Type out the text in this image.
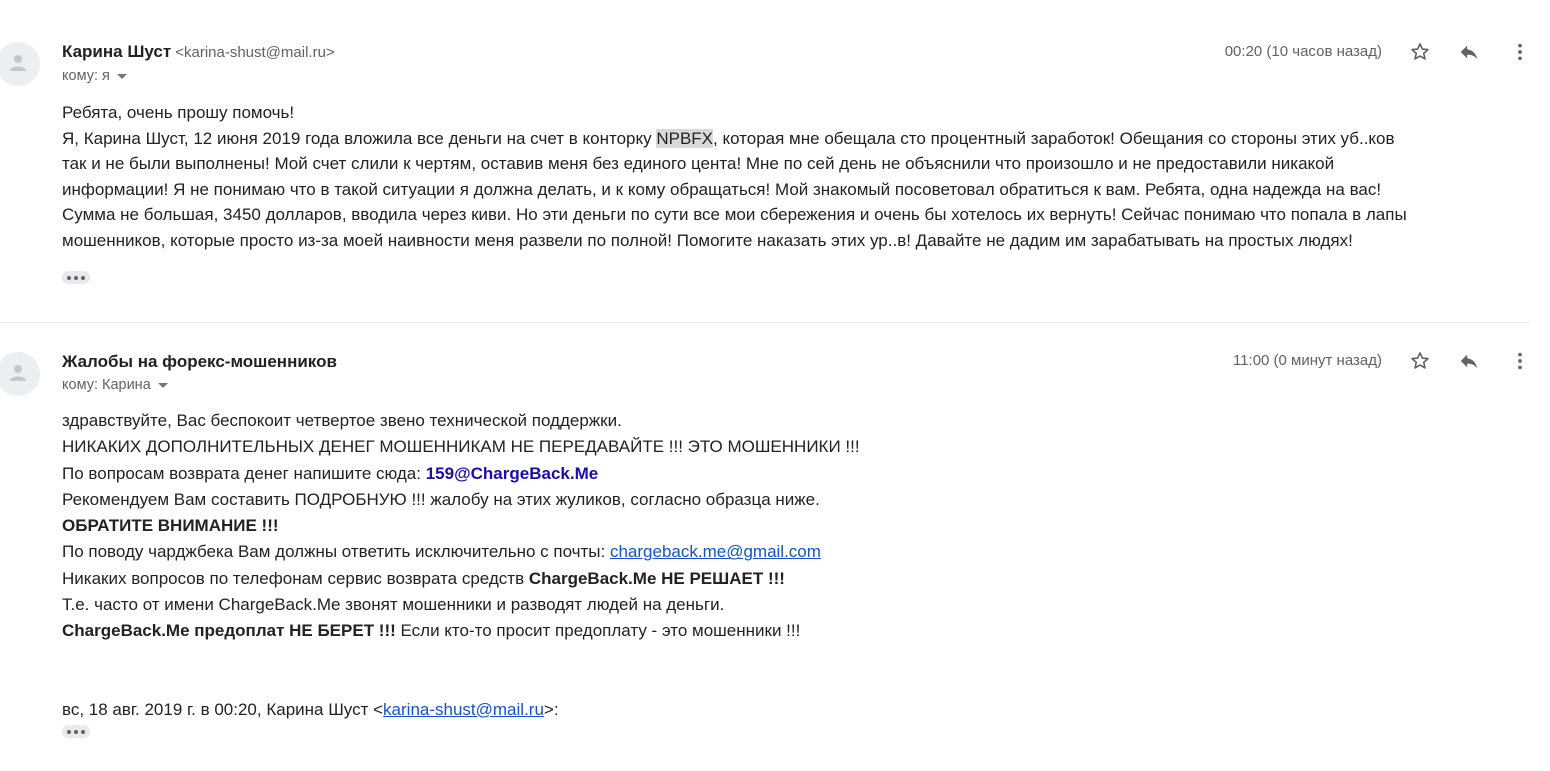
Карина Шуст <karina-shust@mail.ru>
кому: я
00:20 (10 часов назад)

Ребята, очень прошу помочь!

Я, Карина Шуст, 12 июня 2019 года вложила все деньги на счет в конторку NPBFX, которая мне обещала сто процентный заработок! Обещания со стороны этих уб..ков

так и не были выполнены! Мой счет слили к чертям, оставив меня без единого цента! Мне по сей день не объяснили что произошло и не предоставили никакой

информации! Я не понимаю что в такой ситуации я должна делать, и к кому обращаться! Мой знакомый посоветовал обратиться к вам. Ребята, одна надежда на вас!

Сумма не большая, 3450 долларов, вводила через киви. Но эти деньги по сути все мои сбережения и очень бы хотелось их вернуть! Сейчас понимаю что попала в лапы

мошенников, которые просто из-за моей наивности меня развели по полной! Помогите наказать этих ур..в! Давайте не дадим им зарабатывать на простых людях!

Жалобы на форекс-мошенников
кому: Карина
11:00 (0 минут назад)

здравствуйте, Вас беспокоит четвертое звено технической поддержки.

НИКАКИХ ДОПОЛНИТЕЛЬНЫХ ДЕНЕГ МОШЕННИКАМ НЕ ПЕРЕДАВАЙТЕ !!! ЭТО МОШЕННИКИ !!!

По вопросам возврата денег напишите сюда: 159@ChargeBack.Me

Рекомендуем Вам составить ПОДРОБНУЮ !!! жалобу на этих жуликов, согласно образца ниже.

ОБРАТИТЕ ВНИМАНИЕ !!!

По поводу чарджбека Вам должны ответить исключительно с почты: chargeback.me@gmail.com

Никаких вопросов по телефонам сервис возврата средств ChargeBack.Me НЕ РЕШАЕТ !!!

Т.е. часто от имени ChargeBack.Me звонят мошенники и разводят людей на деньги.

ChargeBack.Me предоплат НЕ БЕРЕТ !!! Если кто-то просит предоплату - это мошенники !!!

вс, 18 авг. 2019 г. в 00:20, Карина Шуст <karina-shust@mail.ru>:
